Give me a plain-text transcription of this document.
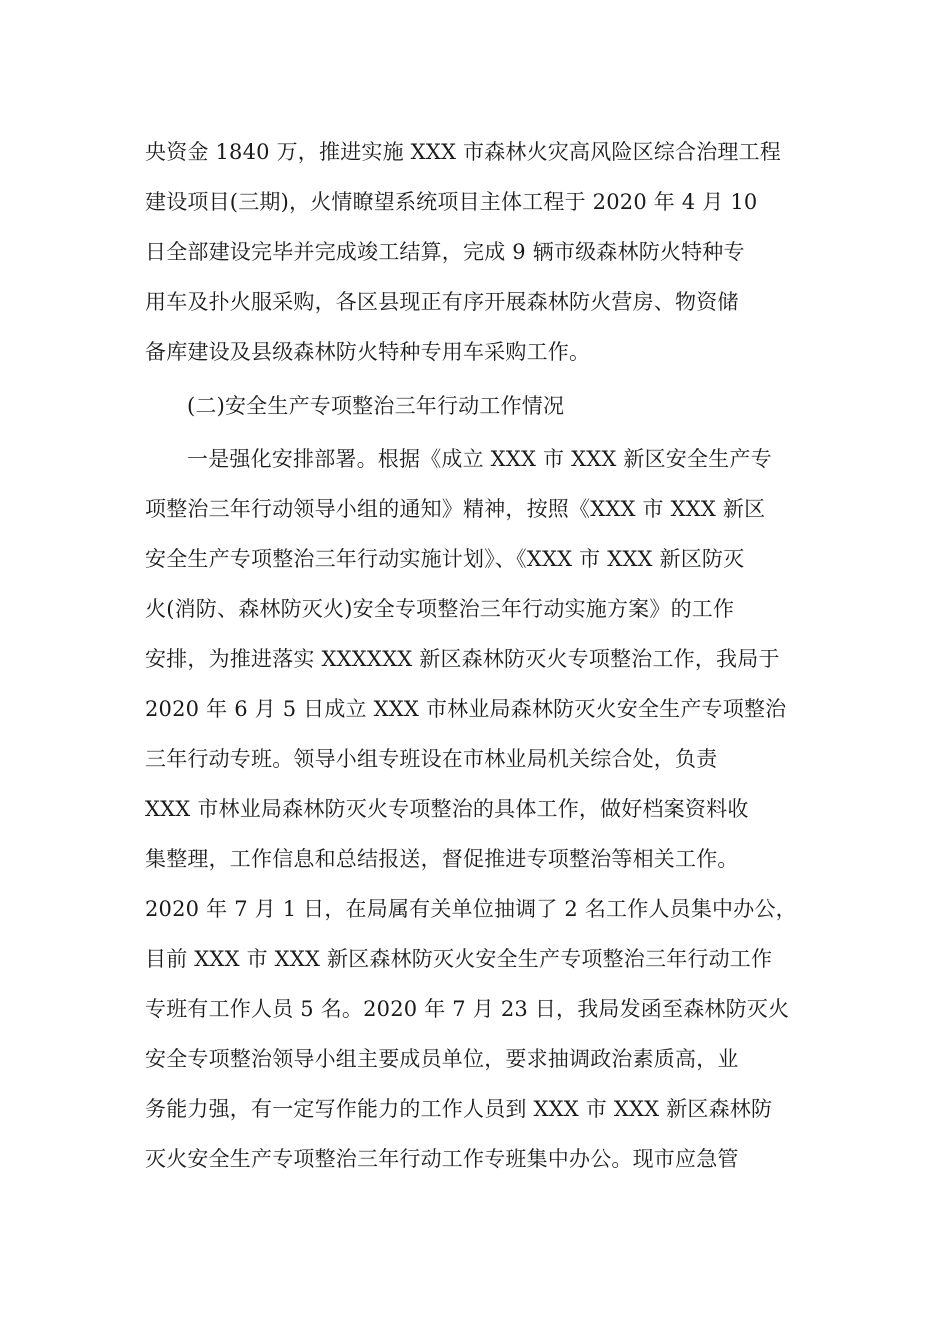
央资金 1840 万，推进实施 XXX 市森林火灾高风险区综合治理工程
建设项目(三期)，火情瞭望系统项目主体工程于 2020 年 4 月 10
日全部建设完毕并完成竣工结算，完成 9 辆市级森林防火特种专
用车及扑火服采购，各区县现正有序开展森林防火营房、物资储
备库建设及县级森林防火特种专用车采购工作。
(二)安全生产专项整治三年行动工作情况
一是强化安排部署。根据《成立 XXX 市 XXX 新区安全生产专
项整治三年行动领导小组的通知》精神，按照《XXX 市 XXX 新区
安全生产专项整治三年行动实施计划》、《XXX 市 XXX 新区防灭
火(消防、森林防灭火)安全专项整治三年行动实施方案》的工作
安排，为推进落实 XXXXXX 新区森林防灭火专项整治工作，我局于
2020 年 6 月 5 日成立 XXX 市林业局森林防灭火安全生产专项整治
三年行动专班。领导小组专班设在市林业局机关综合处，负责
XXX 市林业局森林防灭火专项整治的具体工作，做好档案资料收
集整理，工作信息和总结报送，督促推进专项整治等相关工作。
2020 年 7 月 1 日，在局属有关单位抽调了 2 名工作人员集中办公，
目前 XXX 市 XXX 新区森林防灭火安全生产专项整治三年行动工作
专班有工作人员 5 名。2020 年 7 月 23 日，我局发函至森林防灭火
安全专项整治领导小组主要成员单位，要求抽调政治素质高，业
务能力强，有一定写作能力的工作人员到 XXX 市 XXX 新区森林防
灭火安全生产专项整治三年行动工作专班集中办公。现市应急管
